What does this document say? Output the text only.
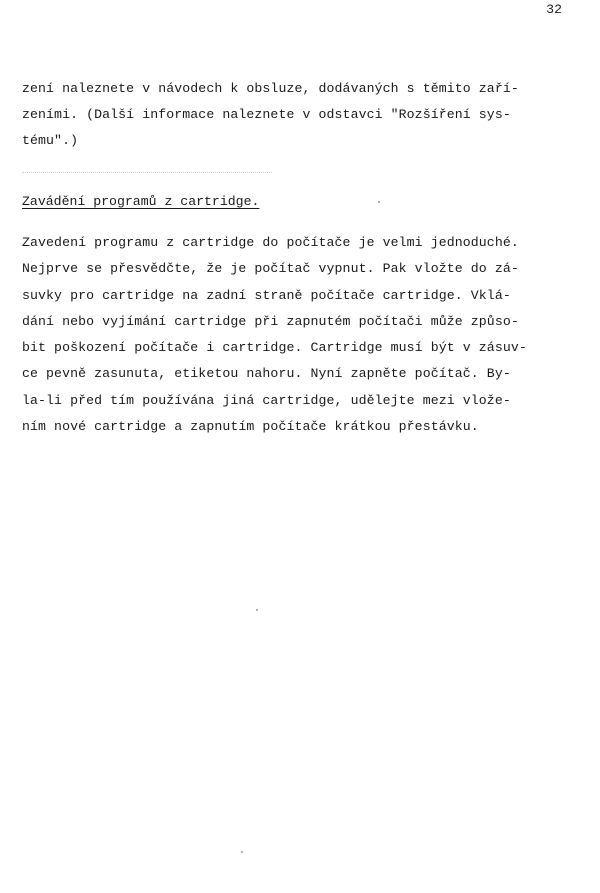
32
zení naleznete v návodech k obsluze, dodávaných s těmito zaří-
zeními. (Další informace naleznete v odstavci "Rozšíření sys-
tému".)
Zavádění programů z cartridge.
Zavedení programu z cartridge do počítače je velmi jednoduché.
Nejprve se přesvědčte, že je počítač vypnut. Pak vložte do zá-
suvky pro cartridge na zadní straně počítače cartridge. Vklá-
dání nebo vyjímání cartridge při zapnutém počítači může způso-
bit poškození počítače i cartridge. Cartridge musí být v zásuv-
ce pevně zasunuta, etiketou nahoru. Nyní zapněte počítač. By-
la-li před tím používána jiná cartridge, udělejte mezi vlože-
ním nové cartridge a zapnutím počítače krátkou přestávku.
